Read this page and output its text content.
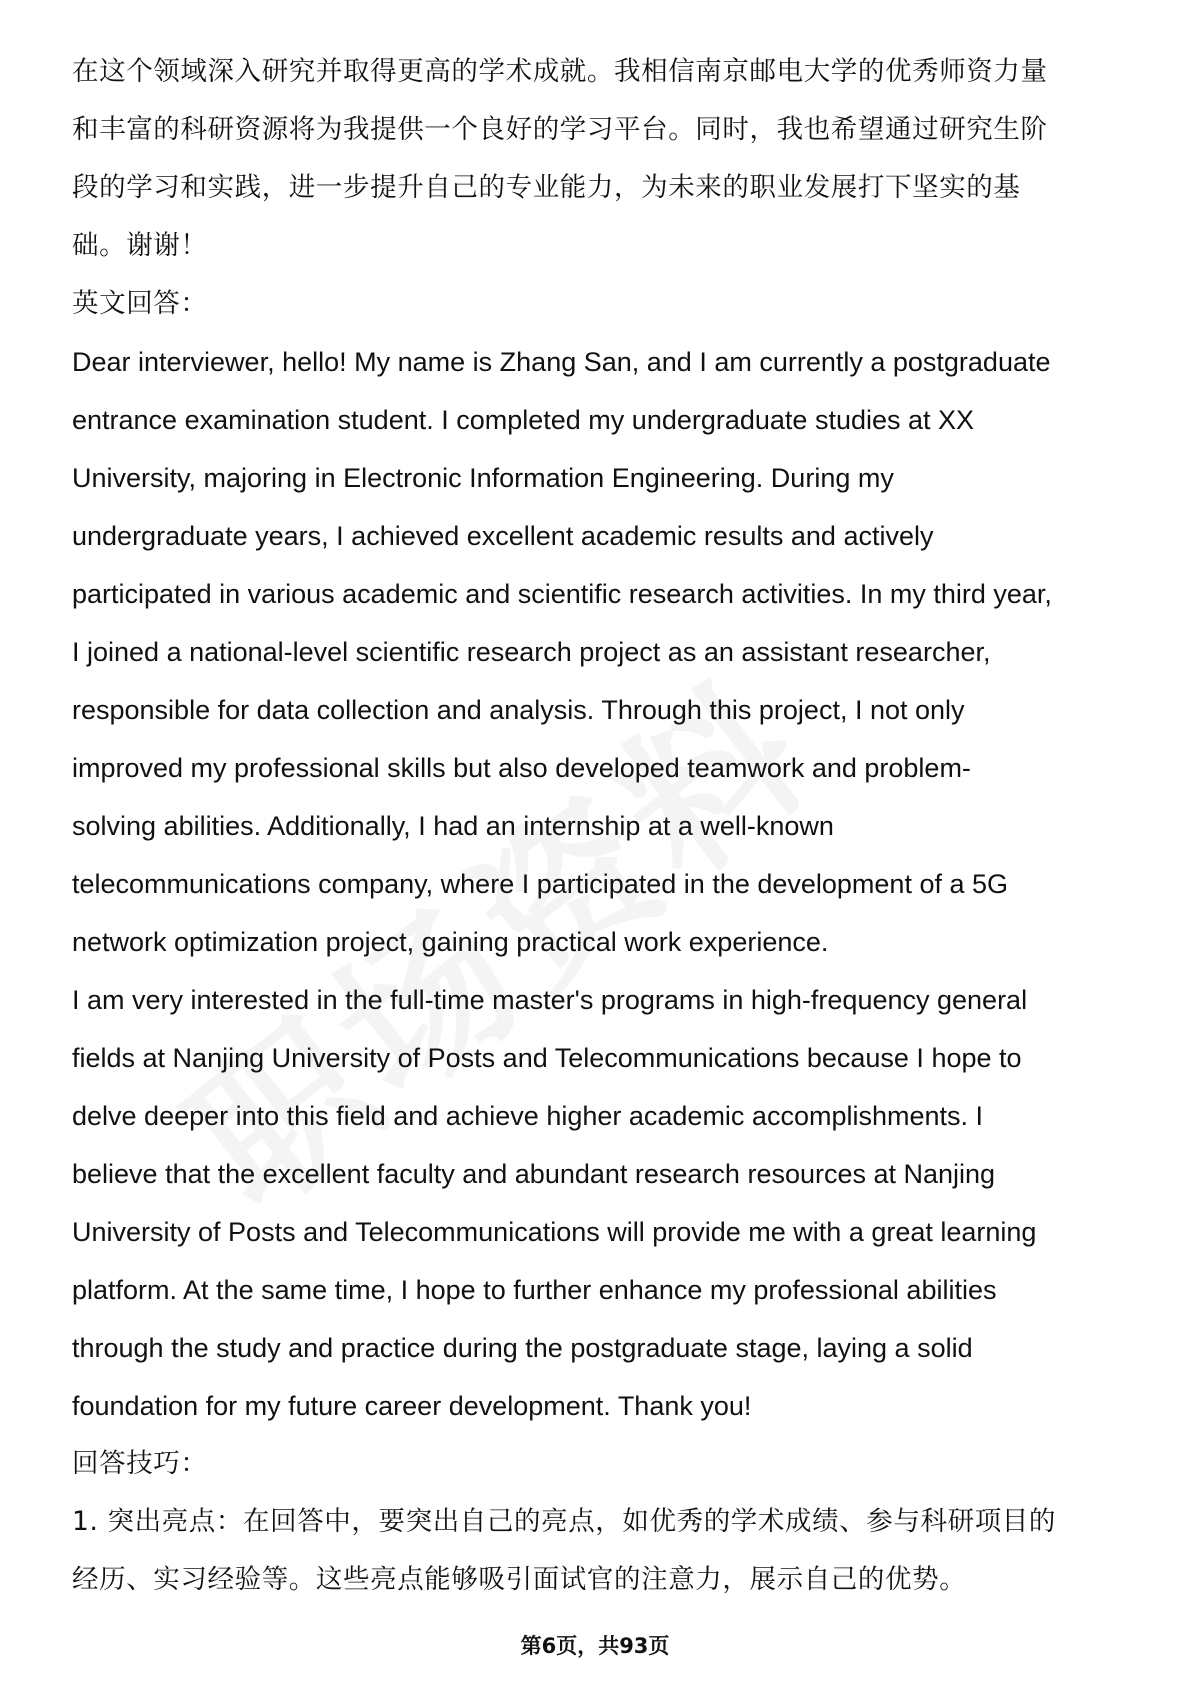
在这个领域深入研究并取得更高的学术成就。我相信南京邮电大学的优秀师资力量
和丰富的科研资源将为我提供一个良好的学习平台。同时，我也希望通过研究生阶
段的学习和实践，进一步提升自己的专业能力，为未来的职业发展打下坚实的基
础。谢谢！
英文回答：
Dear interviewer, hello! My name is Zhang San, and I am currently a postgraduate
entrance examination student. I completed my undergraduate studies at XX
University, majoring in Electronic Information Engineering. During my
undergraduate years, I achieved excellent academic results and actively
participated in various academic and scientific research activities. In my third year,
I joined a national-level scientific research project as an assistant researcher,
responsible for data collection and analysis. Through this project, I not only
improved my professional skills but also developed teamwork and problem-
solving abilities. Additionally, I had an internship at a well-known
telecommunications company, where I participated in the development of a 5G
network optimization project, gaining practical work experience.
I am very interested in the full-time master's programs in high-frequency general
fields at Nanjing University of Posts and Telecommunications because I hope to
delve deeper into this field and achieve higher academic accomplishments. I
believe that the excellent faculty and abundant research resources at Nanjing
University of Posts and Telecommunications will provide me with a great learning
platform. At the same time, I hope to further enhance my professional abilities
through the study and practice during the postgraduate stage, laying a solid
foundation for my future career development. Thank you!
回答技巧：
1. 突出亮点：在回答中，要突出自己的亮点，如优秀的学术成绩、参与科研项目的
经历、实习经验等。这些亮点能够吸引面试官的注意力，展示自己的优势。
第6页，共93页
